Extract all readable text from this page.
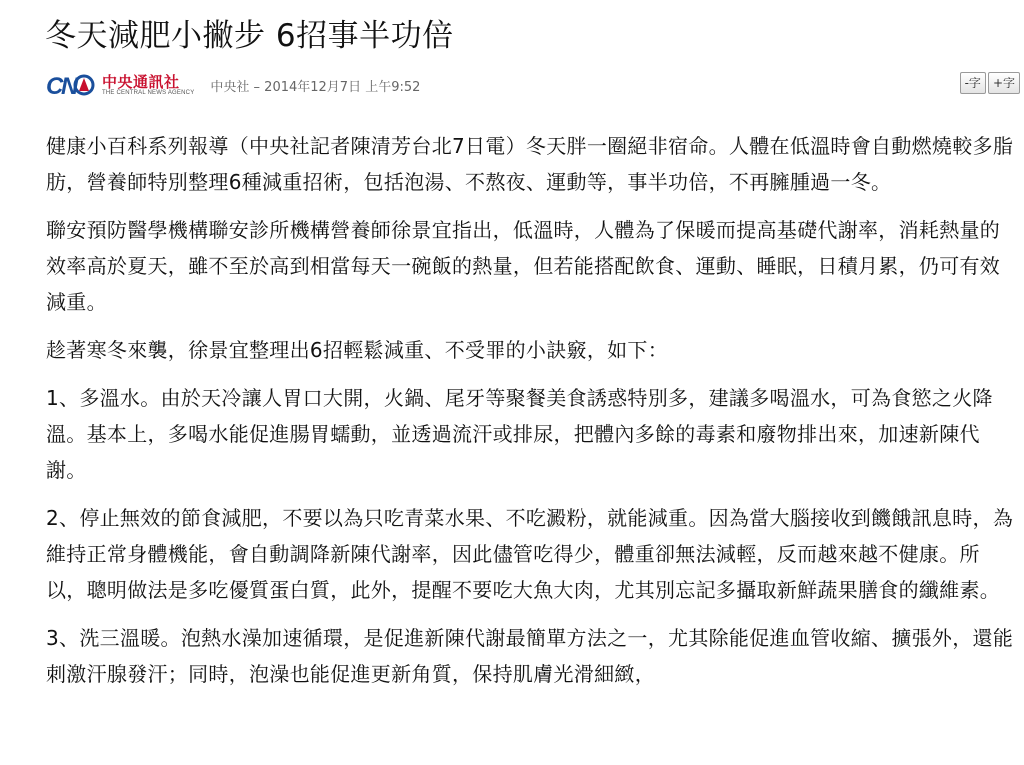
冬天減肥小撇步 6招事半功倍
C
N 中央通訊社
THE CENTRAL NEWS AGENCY 中央社 – 2014年12月7日 上午9:52	-字	+字

健康小百科系列報導（中央社記者陳清芳台北7日電）冬天胖一圈絕非宿命。人體在低溫時會自動燃燒較多脂肪，營養師特別整理6種減重招術，包括泡湯、不熬夜、運動等，事半功倍，不再臃腫過一冬。

聯安預防醫學機構聯安診所機構營養師徐景宜指出，低溫時，人體為了保暖而提高基礎代謝率，消耗熱量的效率高於夏天，雖不至於高到相當每天一碗飯的熱量，但若能搭配飲食、運動、睡眠，日積月累，仍可有效減重。

趁著寒冬來襲，徐景宜整理出6招輕鬆減重、不受罪的小訣竅，如下：

1、多溫水。由於天冷讓人胃口大開，火鍋、尾牙等聚餐美食誘惑特別多，建議多喝溫水，可為食慾之火降溫。基本上，多喝水能促進腸胃蠕動，並透過流汗或排尿，把體內多餘的毒素和廢物排出來，加速新陳代謝。

2、停止無效的節食減肥，不要以為只吃青菜水果、不吃澱粉，就能減重。因為當大腦接收到饑餓訊息時，為維持正常身體機能，會自動調降新陳代謝率，因此儘管吃得少，體重卻無法減輕，反而越來越不健康。所以，聰明做法是多吃優質蛋白質，此外，提醒不要吃大魚大肉，尤其別忘記多攝取新鮮蔬果膳食的纖維素。

3、洗三溫暖。泡熱水澡加速循環，是促進新陳代謝最簡單方法之一，尤其除能促進血管收縮、擴張外，還能刺激汗腺發汗；同時，泡澡也能促進更新角質，保持肌膚光滑細緻，
